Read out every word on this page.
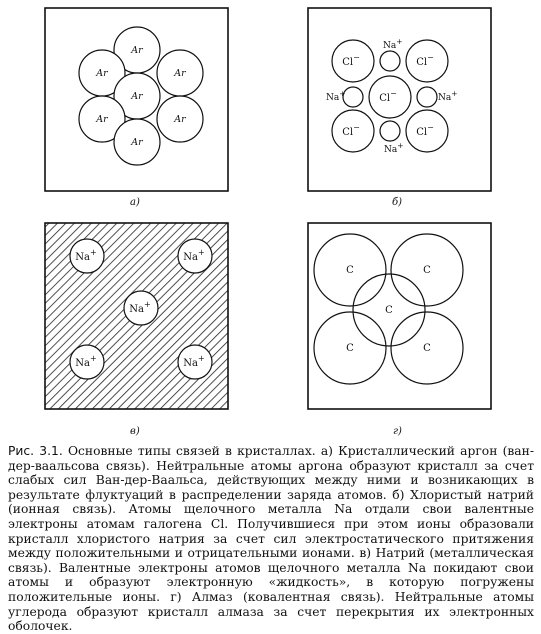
Ar
Ar	Ar
Ar
Ar	Ar
Ar
а)
Cl−	Cl−
Cl−
Cl−	Cl−
Na+
Na+	Na+
Na+
б)
Na+	Na+
Na+
Na+	Na+
в)
C	C
C
C	C
г)

Рис. 3.1. Основные типы связей в кристаллах. а) Кристаллический аргон (ван-дер-ваальсова связь). Нейтральные атомы аргона образуют кристалл за счет слабых сил Ван-дер-Ваальса, действующих между ними и возникающих в результате флуктуаций в распределении заряда атомов. б) Хлористый натрий (ионная связь). Атомы щелочного металла Na отдали свои валентные электроны атомам галогена Cl. Получившиеся при этом ионы образовали кристалл хлористого натрия за счет сил электростатического притяжения между положительными и отрицательными ионами. в) Натрий (металлическая связь). Валентные электроны атомов щелочного металла Na покидают свои атомы и образуют электронную «жидкость», в которую погружены положительные ионы. г) Алмаз (ковалентная связь). Нейтральные атомы углерода образуют кристалл алмаза за счет перекрытия их электронных оболочек.
